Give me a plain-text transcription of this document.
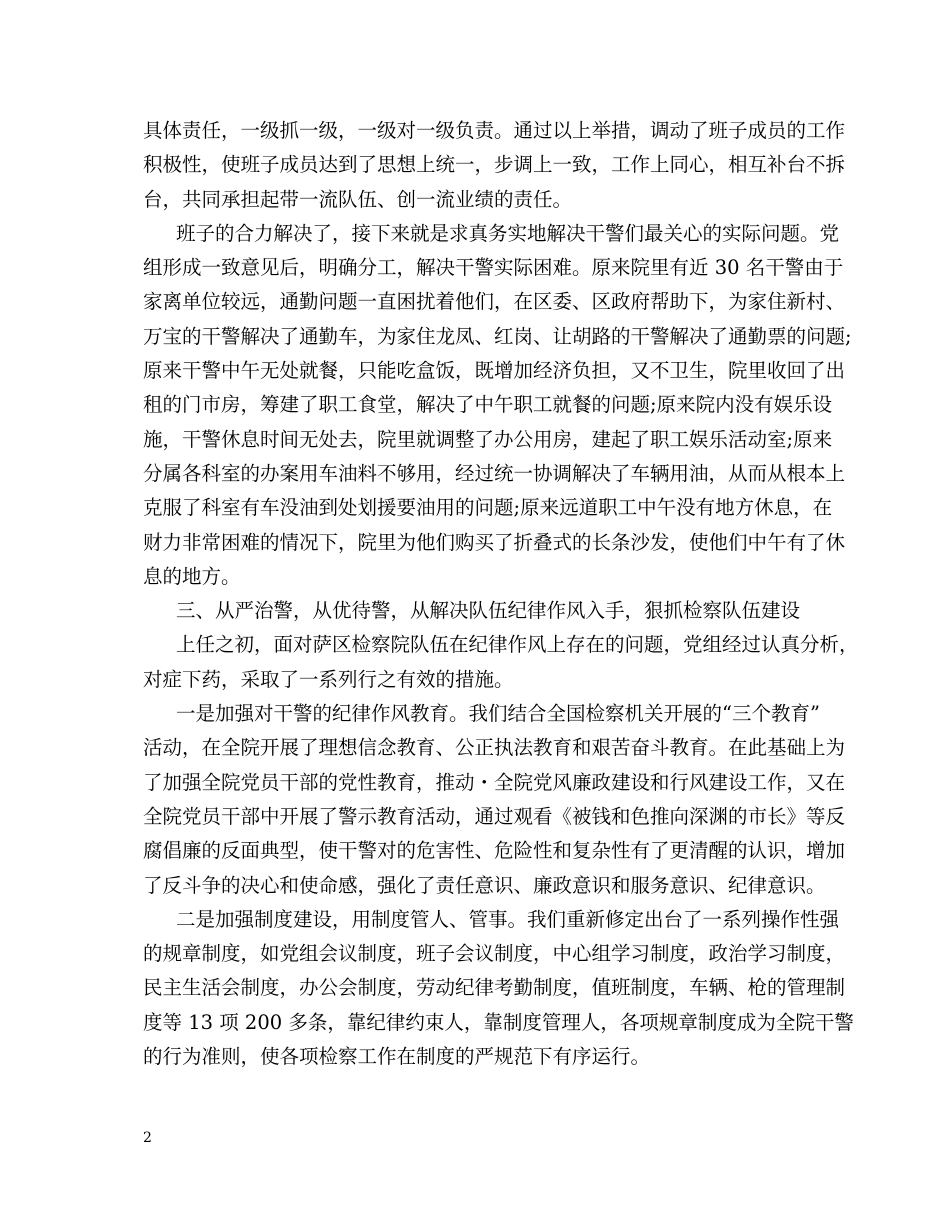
具体责任，一级抓一级，一级对一级负责。通过以上举措，调动了班子成员的工作
积极性，使班子成员达到了思想上统一，步调上一致，工作上同心，相互补台不拆
台，共同承担起带一流队伍、创一流业绩的责任。
班子的合力解决了，接下来就是求真务实地解决干警们最关心的实际问题。党
组形成一致意见后，明确分工，解决干警实际困难。原来院里有近 30 名干警由于
家离单位较远，通勤问题一直困扰着他们，在区委、区政府帮助下，为家住新村、
万宝的干警解决了通勤车，为家住龙凤、红岗、让胡路的干警解决了通勤票的问题;
原来干警中午无处就餐，只能吃盒饭，既增加经济负担，又不卫生，院里收回了出
租的门市房，筹建了职工食堂，解决了中午职工就餐的问题;原来院内没有娱乐设
施，干警休息时间无处去，院里就调整了办公用房，建起了职工娱乐活动室;原来
分属各科室的办案用车油料不够用，经过统一协调解决了车辆用油，从而从根本上
克服了科室有车没油到处划援要油用的问题;原来远道职工中午没有地方休息，在
财力非常困难的情况下，院里为他们购买了折叠式的长条沙发，使他们中午有了休
息的地方。
三、从严治警，从优待警，从解决队伍纪律作风入手，狠抓检察队伍建设
上任之初，面对萨区检察院队伍在纪律作风上存在的问题，党组经过认真分析，
对症下药，采取了一系列行之有效的措施。
一是加强对干警的纪律作风教育。我们结合全国检察机关开展的“三个教育”
活动，在全院开展了理想信念教育、公正执法教育和艰苦奋斗教育。在此基础上为
了加强全院党员干部的党性教育，推动・全院党风廉政建设和行风建设工作，又在
全院党员干部中开展了警示教育活动，通过观看《被钱和色推向深渊的市长》等反
腐倡廉的反面典型，使干警对的危害性、危险性和复杂性有了更清醒的认识，增加
了反斗争的决心和使命感，强化了责任意识、廉政意识和服务意识、纪律意识。
二是加强制度建设，用制度管人、管事。我们重新修定出台了一系列操作性强
的规章制度，如党组会议制度，班子会议制度，中心组学习制度，政治学习制度，
民主生活会制度，办公会制度，劳动纪律考勤制度，值班制度，车辆、枪的管理制
度等 13 项 200 多条，靠纪律约束人，靠制度管理人，各项规章制度成为全院干警
的行为准则，使各项检察工作在制度的严规范下有序运行。
2
